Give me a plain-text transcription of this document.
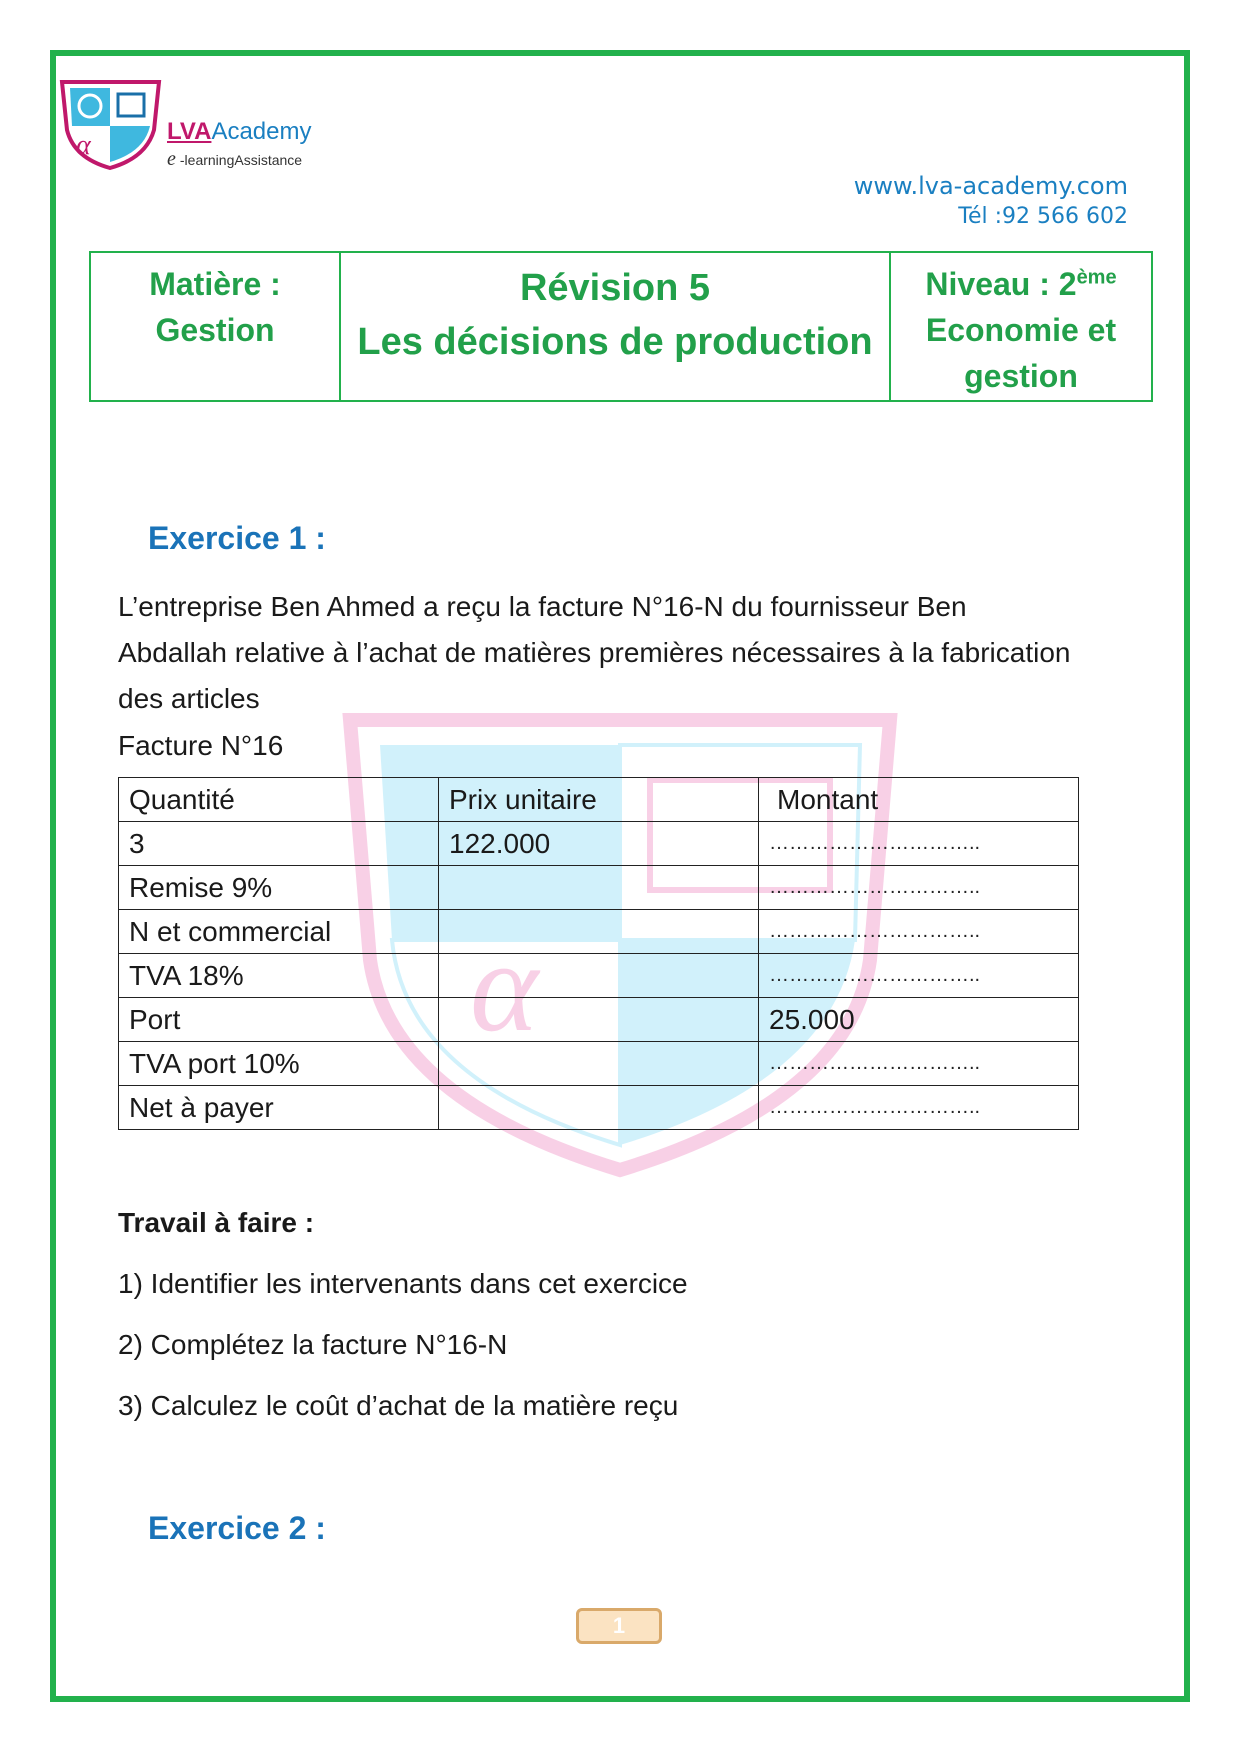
α
α	LVAAcademy
e -learningAssistance
www.lva-academy.com
Tél :92 566 602
Matière :
Gestion

Révision 5
Les décisions de production

Niveau : 2ème
Economie et
gestion
Exercice 1 :
L’entreprise Ben Ahmed a reçu la facture N°16-N du fournisseur Ben Abdallah relative à l’achat de matières premières nécessaires à la fabrication des articles
Facture N°16
Quantité	Prix unitaire	Montant
3	122.000	…………………………..
Remise 9%		…………………………..
N et commercial		…………………………..
TVA 18%		…………………………..
Port		25.000
TVA port 10%		…………………………..
Net à payer		…………………………..
Travail à faire :
1) Identifier les intervenants dans cet exercice
2) Complétez la facture N°16-N
3) Calculez le coût d’achat de la matière reçu
Exercice 2 :
1
